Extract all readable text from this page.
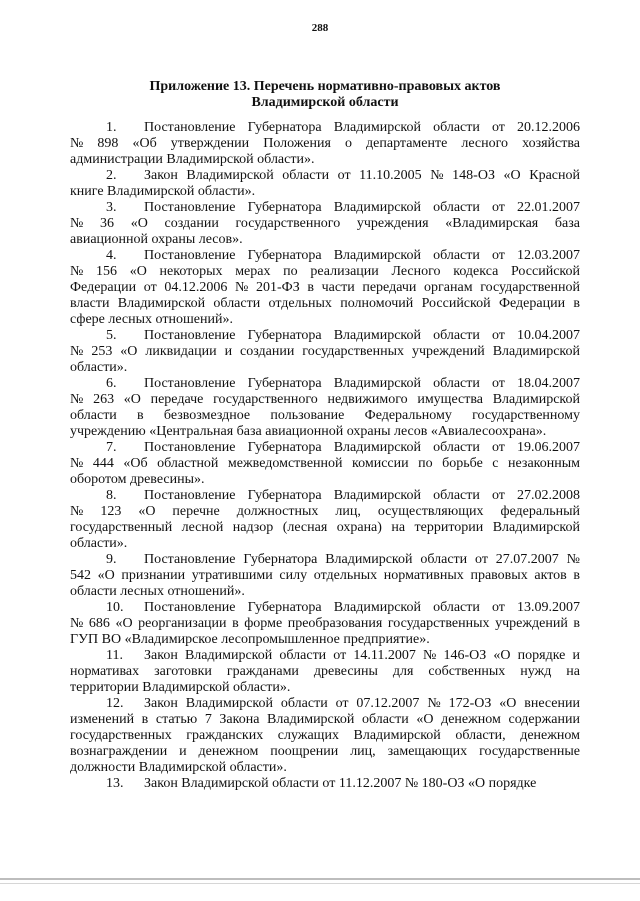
288
Приложение 13. Перечень нормативно-правовых актов
Владимирской области
1. Постановление Губернатора Владимирской области от 20.12.2006
№ 898 «Об утверждении Положения о департаменте лесного хозяйства
администрации Владимирской области».
2. Закон Владимирской области от 11.10.2005 № 148-ОЗ «О Красной
книге Владимирской области».
3. Постановление Губернатора Владимирской области от 22.01.2007
№ 36 «О создании государственного учреждения «Владимирская база
авиационной охраны лесов».
4. Постановление Губернатора Владимирской области от 12.03.2007
№ 156 «О некоторых мерах по реализации Лесного кодекса Российской
Федерации от 04.12.2006 № 201-ФЗ в части передачи органам государственной
власти Владимирской области отдельных полномочий Российской Федерации в
сфере лесных отношений».
5. Постановление Губернатора Владимирской области от 10.04.2007
№ 253 «О ликвидации и создании государственных учреждений Владимирской
области».
6. Постановление Губернатора Владимирской области от 18.04.2007
№ 263 «О передаче государственного недвижимого имущества Владимирской
области в безвозмездное пользование Федеральному государственному
учреждению «Центральная база авиационной охраны лесов «Авиалесоохрана».
7. Постановление Губернатора Владимирской области от 19.06.2007
№ 444 «Об областной межведомственной комиссии по борьбе с незаконным
оборотом древесины».
8. Постановление Губернатора Владимирской области от 27.02.2008
№ 123 «О перечне должностных лиц, осуществляющих федеральный
государственный лесной надзор (лесная охрана) на территории Владимирской
области».
9. Постановление Губернатора Владимирской области от 27.07.2007 №
542 «О признании утратившими силу отдельных нормативных правовых актов в
области лесных отношений».
10. Постановление Губернатора Владимирской области от 13.09.2007
№ 686 «О реорганизации в форме преобразования государственных учреждений в
ГУП ВО «Владимирское лесопромышленное предприятие».
11. Закон Владимирской области от 14.11.2007 № 146-ОЗ «О порядке и
нормативах заготовки гражданами древесины для собственных нужд на
территории Владимирской области».
12. Закон Владимирской области от 07.12.2007 № 172-ОЗ «О внесении
изменений в статью 7 Закона Владимирской области «О денежном содержании
государственных гражданских служащих Владимирской области, денежном
вознаграждении и денежном поощрении лиц, замещающих государственные
должности Владимирской области».
13. Закон Владимирской области от 11.12.2007 № 180-ОЗ «О порядке
